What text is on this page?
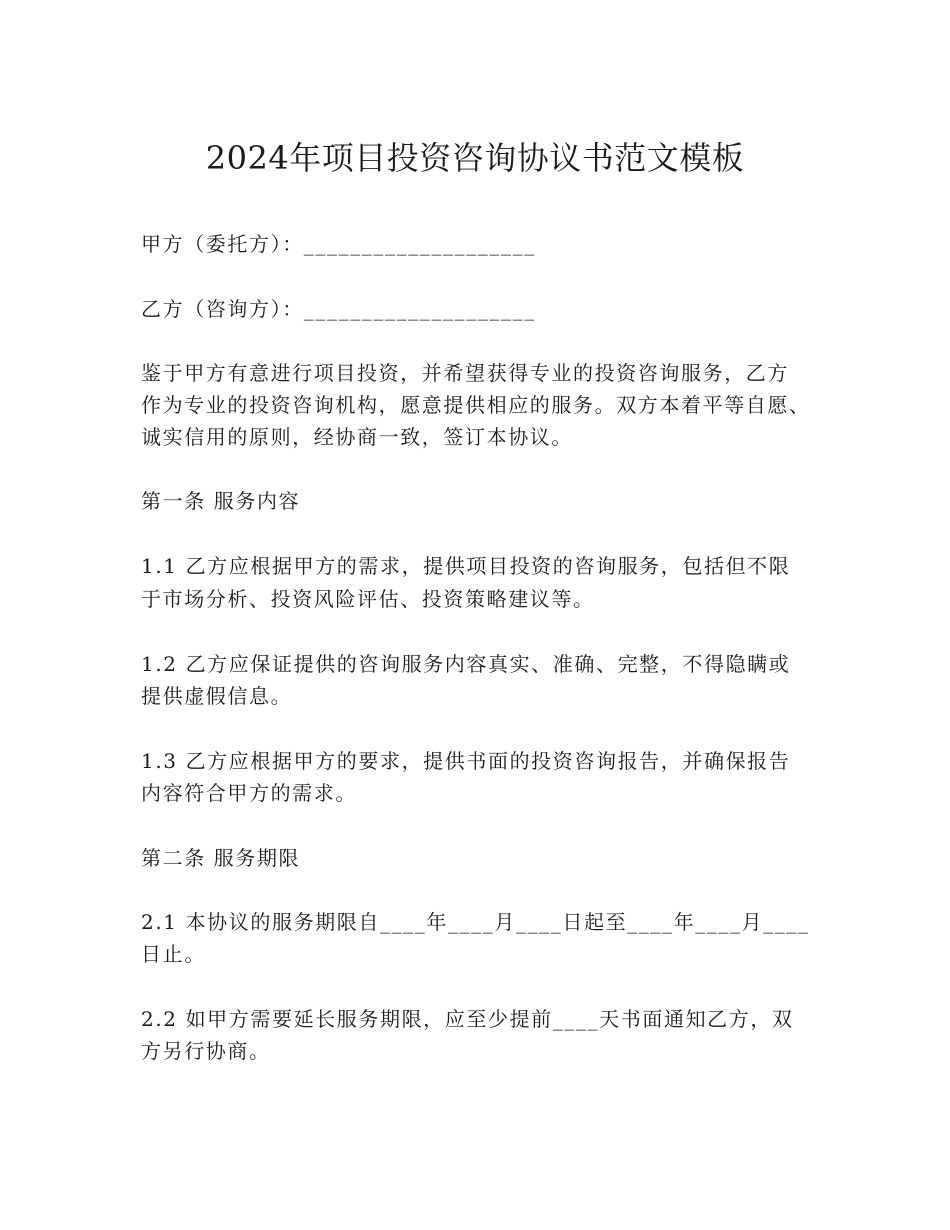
2024年项目投资咨询协议书范文模板
甲方（委托方）：____________________
乙方（咨询方）：____________________
鉴于甲方有意进行项目投资，并希望获得专业的投资咨询服务，乙方
作为专业的投资咨询机构，愿意提供相应的服务。双方本着平等自愿、
诚实信用的原则，经协商一致，签订本协议。
第一条 服务内容
1.1 乙方应根据甲方的需求，提供项目投资的咨询服务，包括但不限
于市场分析、投资风险评估、投资策略建议等。
1.2 乙方应保证提供的咨询服务内容真实、准确、完整，不得隐瞒或
提供虚假信息。
1.3 乙方应根据甲方的要求，提供书面的投资咨询报告，并确保报告
内容符合甲方的需求。
第二条 服务期限
2.1 本协议的服务期限自____年____月____日起至____年____月____
日止。
2.2 如甲方需要延长服务期限，应至少提前____天书面通知乙方，双
方另行协商。
